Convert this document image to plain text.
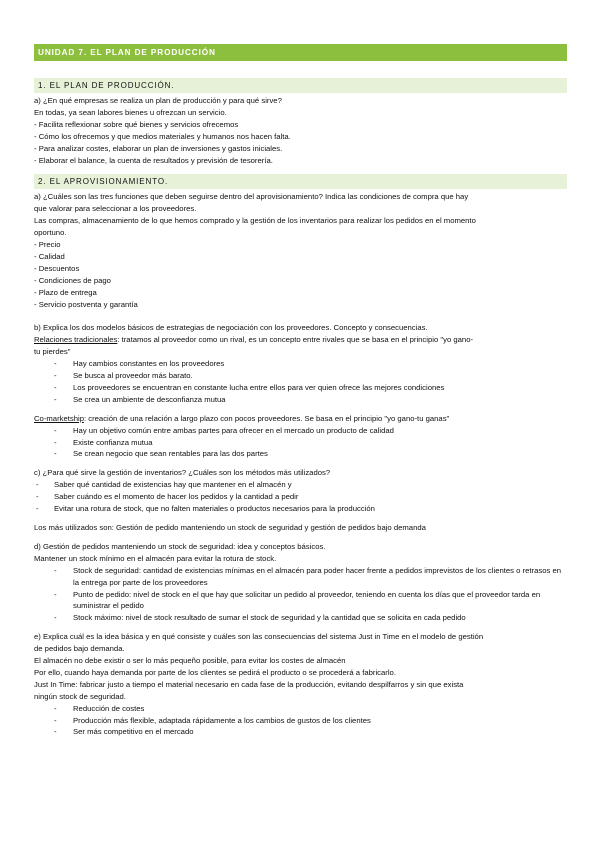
UNIDAD 7. EL PLAN DE PRODUCCIÓN
1. EL PLAN DE PRODUCCIÓN.

a) ¿En qué empresas se realiza un plan de producción y para qué sirve?

En todas, ya sean labores bienes u ofrezcan un servicio.

- Facilita reflexionar sobre qué bienes y servicios ofrecemos

- Cómo los ofrecemos y que medios materiales y humanos nos hacen falta.

- Para analizar costes, elaborar un plan de inversiones y gastos iniciales.

- Elaborar el balance, la cuenta de resultados y previsión de tesorería.

2. EL APROVISIONAMIENTO.

a) ¿Cuáles son las tres funciones que deben seguirse dentro del aprovisionamiento? Indica las condiciones de compra que hay

que valorar para seleccionar a los proveedores.

Las compras, almacenamiento de lo que hemos comprado y la gestión de los inventarios para realizar los pedidos en el momento

oportuno.

- Precio

- Calidad

- Descuentos

- Condiciones de pago

- Plazo de entrega

- Servicio postventa y garantía

b) Explica los dos modelos básicos de estrategias de negociación con los proveedores. Concepto y consecuencias.

Relaciones tradicionales: tratamos al proveedor como un rival, es un concepto entre rivales que se basa en el principio "yo gano-

tu pierdes"

- Hay cambios constantes en los proveedores
- Se busca al proveedor más barato.
- Los proveedores se encuentran en constante lucha entre ellos para ver quien ofrece las mejores condiciones
- Se crea un ambiente de desconfianza mutua

Co-marketship: creación de una relación a largo plazo con pocos proveedores. Se basa en el principio "yo gano-tu ganas"

- Hay un objetivo común entre ambas partes para ofrecer en el mercado un producto de calidad
- Existe confianza mutua
- Se crean negocio que sean rentables para las dos partes

c) ¿Para qué sirve la gestión de inventarios? ¿Cuáles son los métodos más utilizados?

- Saber qué cantidad de existencias hay que mantener en el almacén y
- Saber cuándo es el momento de hacer los pedidos y la cantidad a pedir
- Evitar una rotura de stock, que no falten materiales o productos necesarios para la producción

Los más utilizados son: Gestión de pedido manteniendo un stock de seguridad y gestión de pedidos bajo demanda

d) Gestión de pedidos manteniendo un stock de seguridad: idea y conceptos básicos.

Mantener un stock mínimo en el almacén para evitar la rotura de stock.

- Stock de seguridad: cantidad de existencias mínimas en el almacén para poder hacer frente a pedidos imprevistos de los clientes o retrasos en la entrega por parte de los proveedores
- Punto de pedido: nivel de stock en el que hay que solicitar un pedido al proveedor, teniendo en cuenta los días que el proveedor tarda en suministrar el pedido
- Stock máximo: nivel de stock resultado de sumar el stock de seguridad y la cantidad que se solicita en cada pedido

e) Explica cuál es la idea básica y en qué consiste y cuáles son las consecuencias del sistema Just in Time en el modelo de gestión

de pedidos bajo demanda.

El almacén no debe existir o ser lo más pequeño posible, para evitar los costes de almacén

Por ello, cuando haya demanda por parte de los clientes se pedirá el producto o se procederá a fabricarlo.

Just In Time: fabricar justo a tiempo el material necesario en cada fase de la producción, evitando despilfarros y sin que exista

ningún stock de seguridad.

- Reducción de costes
- Producción más flexible, adaptada rápidamente a los cambios de gustos de los clientes
- Ser más competitivo en el mercado
